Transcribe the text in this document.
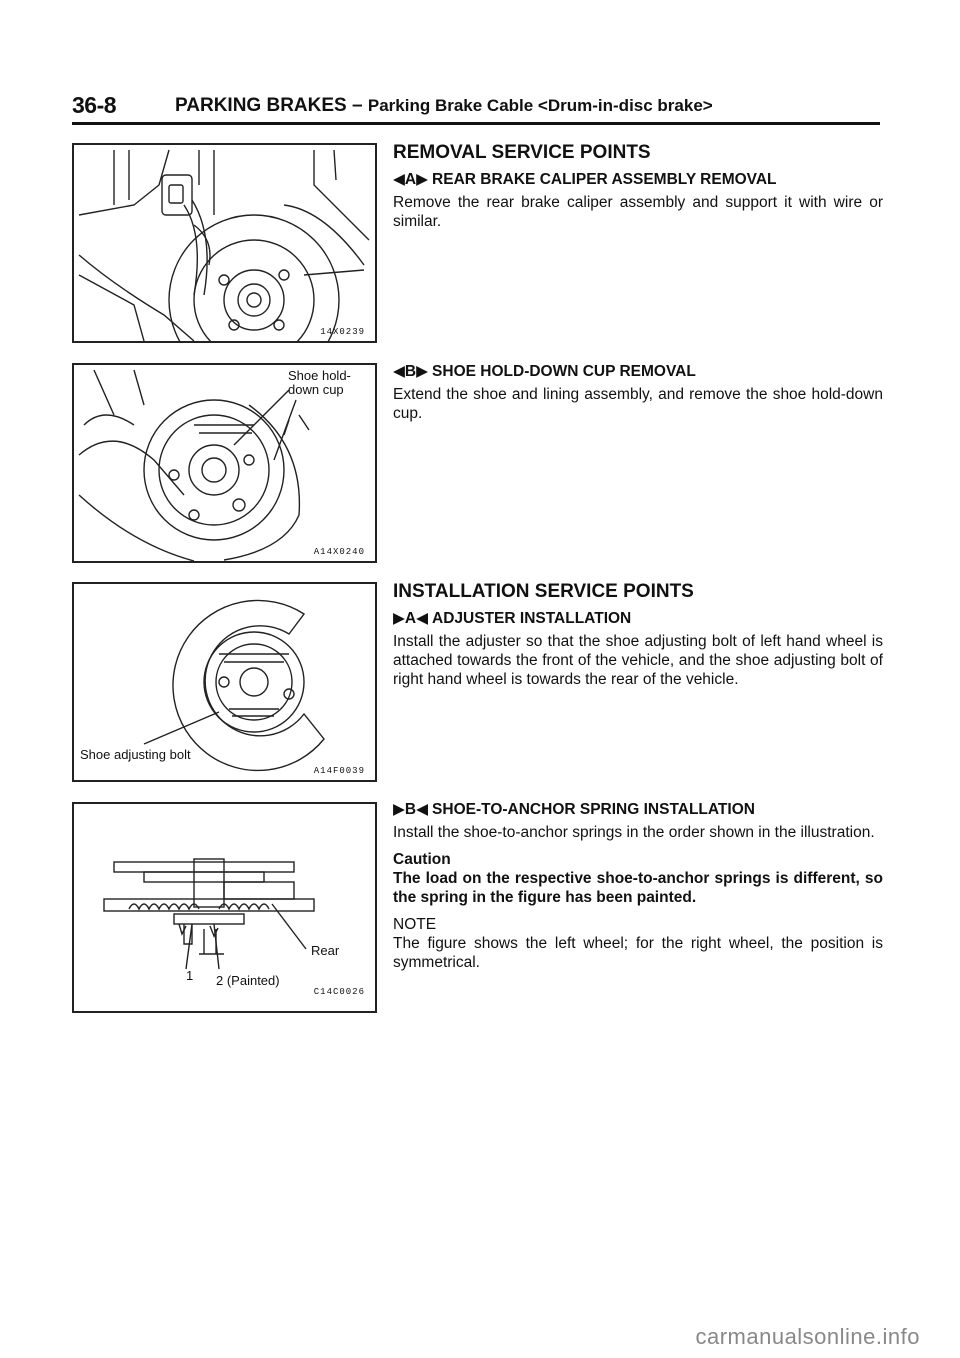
36-8	PARKING BRAKES – Parking Brake Cable <Drum-in-disc brake>
14X0239
Shoe hold-down cup
A14X0240
Shoe adjusting bolt
A14F0039
Rear
1 2 (Painted)
C14C0026
REMOVAL SERVICE POINTS
◀A▶ REAR BRAKE CALIPER ASSEMBLY REMOVAL
Remove the rear brake caliper assembly and support it with wire or similar.
◀B▶ SHOE HOLD-DOWN CUP REMOVAL
Extend the shoe and lining assembly, and remove the shoe hold-down cup.
INSTALLATION SERVICE POINTS
▶A◀ ADJUSTER INSTALLATION
Install the adjuster so that the shoe adjusting bolt of left hand wheel is attached towards the front of the vehicle, and the shoe adjusting bolt of right hand wheel is towards the rear of the vehicle.
▶B◀ SHOE-TO-ANCHOR SPRING INSTALLATION
Install the shoe-to-anchor springs in the order shown in the illustration.
Caution
The load on the respective shoe-to-anchor springs is different, so the spring in the figure has been painted.
NOTE
The figure shows the left wheel; for the right wheel, the position is symmetrical.
carmanualsonline.info
